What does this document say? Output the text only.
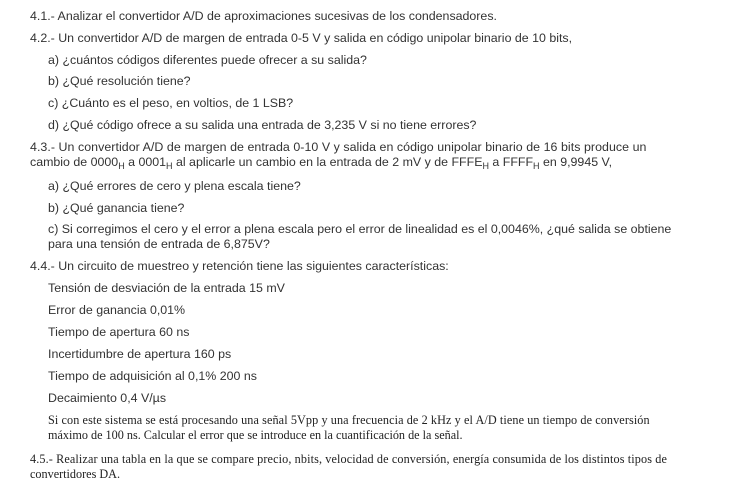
4.1.- Analizar el convertidor A/D de aproximaciones sucesivas de los condensadores.
4.2.- Un convertidor A/D de margen de entrada 0-5 V y salida en código unipolar binario de 10 bits,
a) ¿cuántos códigos diferentes puede ofrecer a su salida?
b) ¿Qué resolución tiene?
c) ¿Cuánto es el peso, en voltios, de 1 LSB?
d) ¿Qué código ofrece a su salida una entrada de 3,235 V si no tiene errores?
4.3.- Un convertidor A/D de margen de entrada 0-10 V y salida en código unipolar binario de 16 bits produce un
cambio de $0000_H$ a $0001_H$ al aplicarle un cambio en la entrada de 2 mV y de $FFFE_H$ a $FFFF_H$ en 9,9945 V,
a) ¿Qué errores de cero y plena escala tiene?
b) ¿Qué ganancia tiene?
c) Si corregimos el cero y el error a plena escala pero el error de linealidad es el 0,0046%, ¿qué salida se obtiene
para una tensión de entrada de 6,875V?
4.4.- Un circuito de muestreo y retención tiene las siguientes características:
Tensión de desviación de la entrada 15 mV
Error de ganancia 0,01%
Tiempo de apertura 60 ns
Incertidumbre de apertura 160 ps
Tiempo de adquisición al 0,1% 200 ns
Decaimiento 0,4 V/µs
Si con este sistema se está procesando una señal 5Vpp y una frecuencia de 2 kHz y el A/D tiene un tiempo de conversión
máximo de 100 ns. Calcular el error que se introduce en la cuantificación de la señal.
4.5.- Realizar una tabla en la que se compare precio, nbits, velocidad de conversión, energía consumida de los distintos tipos de
convertidores DA.
